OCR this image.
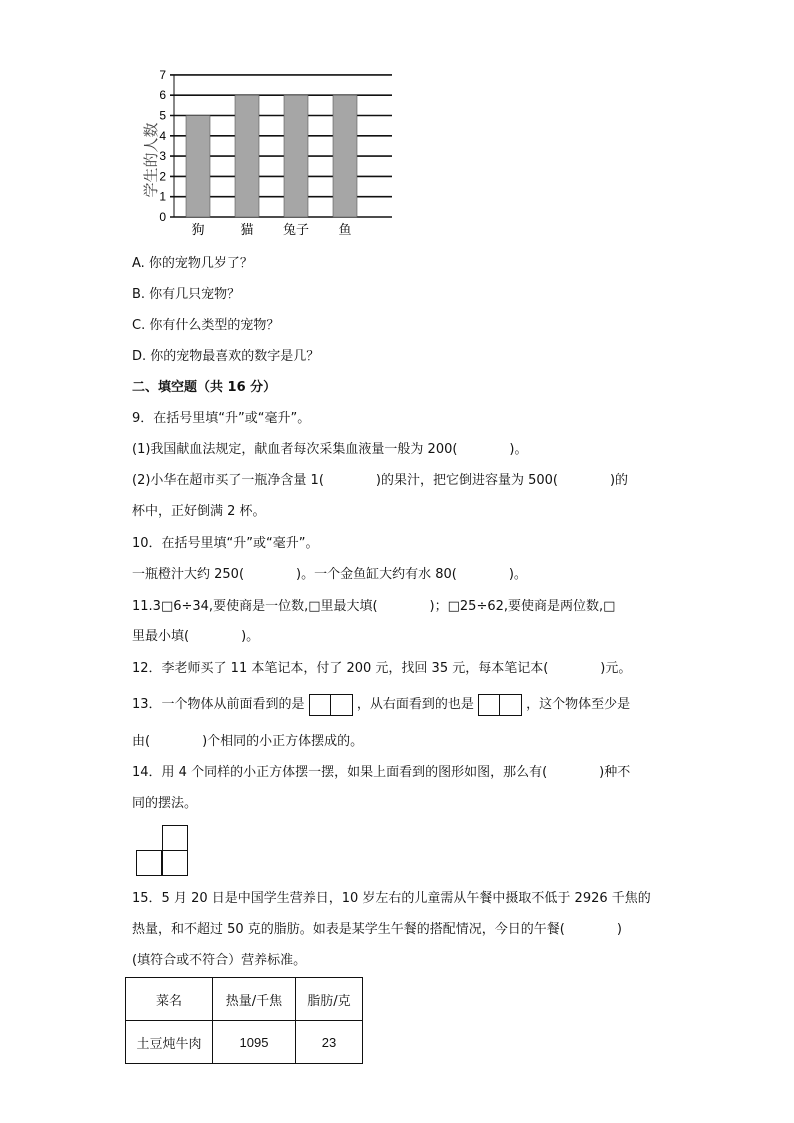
0
1
2
3
4
5
6
7
狗	猫 兔子 鱼
学生的人数
A. 你的宠物几岁了？
B. 你有几只宠物？
C. 你有什么类型的宠物？
D. 你的宠物最喜欢的数字是几？
二、填空题（共 16 分）
9．在括号里填“升”或“毫升”。
(1)我国献血法规定，献血者每次采集血液量一般为 200(　　　　)。
(2)小华在超市买了一瓶净含量 1(　　　　)的果汁，把它倒进容量为 500(　　　　)的
杯中，正好倒满 2 杯。
10．在括号里填“升”或“毫升”。
一瓶橙汁大约 250(　　　　)。一个金鱼缸大约有水 80(　　　　)。
11.3□6÷34,要使商是一位数,□里最大填(　　　　)；□25÷62,要使商是两位数,□
里最小填(　　　　)。
12．李老师买了 11 本笔记本，付了 200 元，找回 35 元，每本笔记本(　　　　)元。
13．一个物体从前面看到的是	，从右面看到的也是	，这个物体至少是
由(　　　　)个相同的小正方体摆成的。
14．用 4 个同样的小正方体摆一摆，如果上面看到的图形如图，那么有(　　　　)种不
同的摆法。
15．5 月 20 日是中国学生营养日，10 岁左右的儿童需从午餐中摄取不低于 2926 千焦的
热量，和不超过 50 克的脂肪。如表是某学生午餐的搭配情况，今日的午餐(　　　　)
(填符合或不符合）营养标准。
菜名	热量/千焦	脂肪/克
土豆炖牛肉	1095	23
